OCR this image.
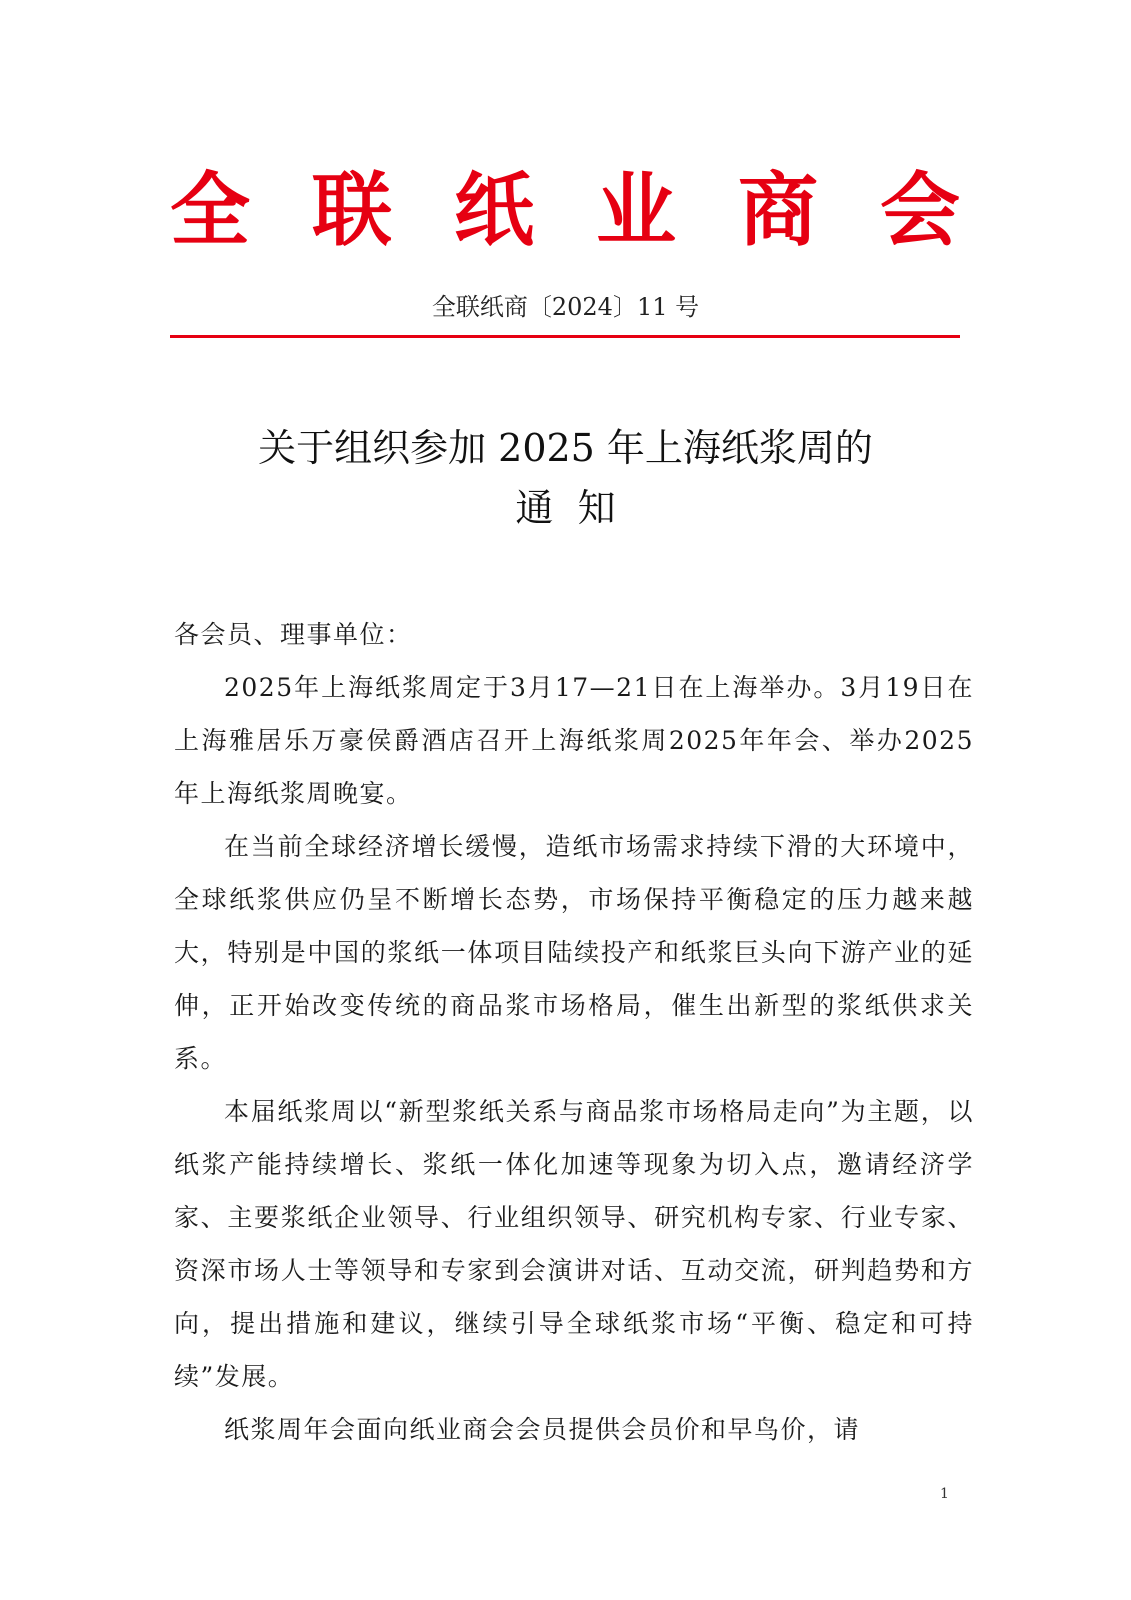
全 联 纸 业 商 会
全联纸商〔2024〕11 号
关于组织参加 2025 年上海纸浆周的
通  知

各会员、理事单位：

2025年上海纸浆周定于3月17—21日在上海举办。3月19日在上海雅居乐万豪侯爵酒店召开上海纸浆周2025年年会、举办2025年上海纸浆周晚宴。

在当前全球经济增长缓慢，造纸市场需求持续下滑的大环境中，全球纸浆供应仍呈不断增长态势，市场保持平衡稳定的压力越来越大，特别是中国的浆纸一体项目陆续投产和纸浆巨头向下游产业的延伸，正开始改变传统的商品浆市场格局，催生出新型的浆纸供求关系。

本届纸浆周以“新型浆纸关系与商品浆市场格局走向”为主题，以纸浆产能持续增长、浆纸一体化加速等现象为切入点，邀请经济学家、主要浆纸企业领导、行业组织领导、研究机构专家、行业专家、资深市场人士等领导和专家到会演讲对话、互动交流，研判趋势和方向，提出措施和建议，继续引导全球纸浆市场“平衡、稳定和可持续”发展。

纸浆周年会面向纸业商会会员提供会员价和早鸟价，请

1
